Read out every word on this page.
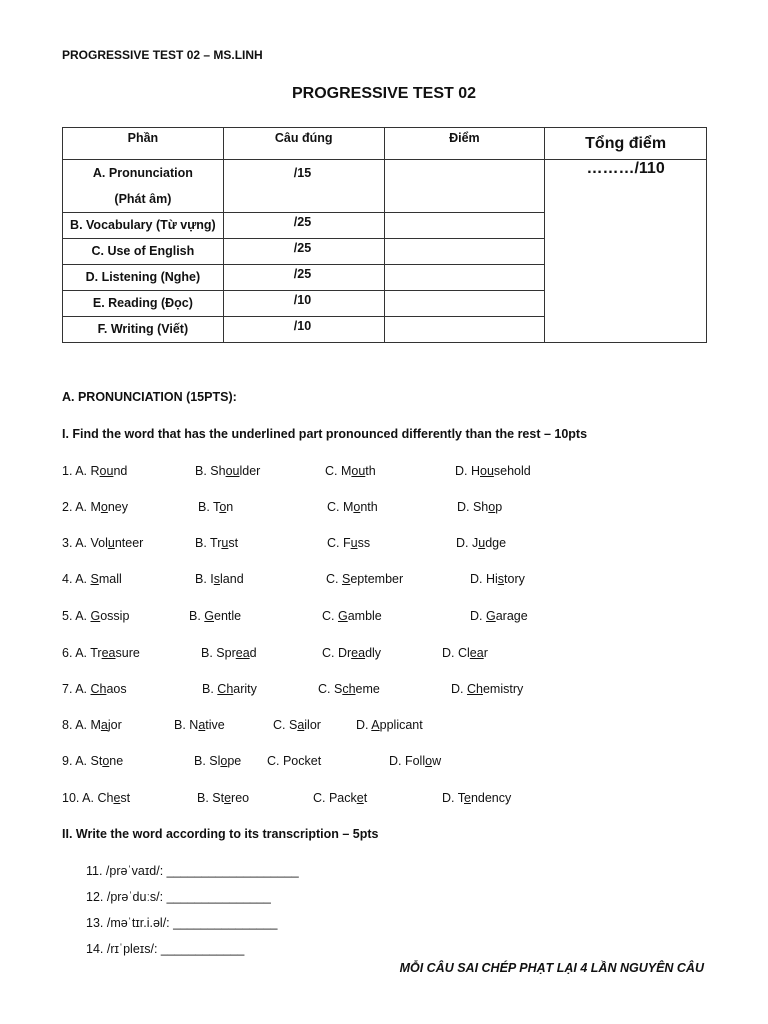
PROGRESSIVE TEST 02 – MS.LINH
PROGRESSIVE TEST 02
Phần	Câu đúng	Điểm	Tổng điểm

A. Pronunciation
(Phát âm)	/15		………/110
B. Vocabulary (Từ vựng)	/25		
C. Use of English	/25		
D. Listening (Nghe)	/25		
E. Reading (Đọc)	/10		
F. Writing (Viết)	/10		
A. PRONUNCIATION (15PTS):
I. Find the word that has the underlined part pronounced differently than the rest – 10pts
1. A. Round	B. Shoulder	C. Mouth	D. Household
2. A. Money	B. Ton	C. Month	D. Shop
3. A. Volunteer	B. Trust	C. Fuss	D. Judge
4. A. Small	B. Island	C. September	D. History
5. A. Gossip	B. Gentle	C. Gamble	D. Garage
6. A. Treasure	B. Spread	C. Dreadly	D. Clear
7. A. Chaos	B. Charity	C. Scheme	D. Chemistry
8. A. Major	B. Native	C. Sailor	D. Applicant
9. A. Stone	B. Slope C. Pocket	D. Follow
10. A. Chest	B. Stereo	C. Packet	D. Tendency
II. Write the word according to its transcription – 5pts
11. /prəˈvaɪd/: ___________________
12. /prəˈduːs/: _______________
13. /məˈtɪr.i.əl/: _______________
14. /rɪˈpleɪs/: ____________
MỖI CÂU SAI CHÉP PHẠT LẠI 4 LẦN NGUYÊN CÂU
